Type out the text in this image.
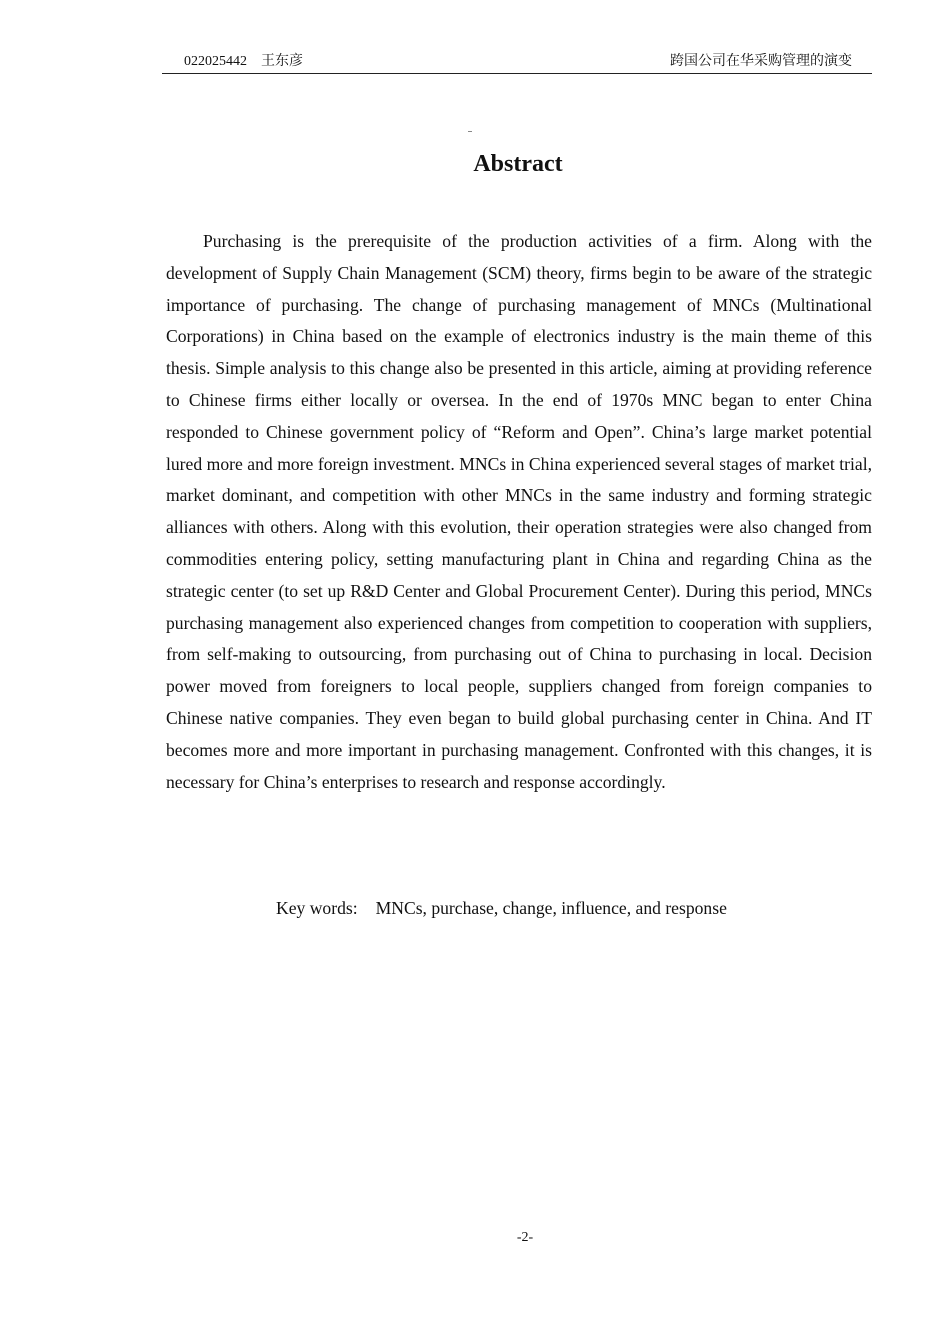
022025442 王东彦	跨国公司在华采购管理的演变
Abstract

Purchasing is the prerequisite of the production activities of a firm. Along with the development of Supply Chain Management (SCM) theory, firms begin to be aware of the strategic importance of purchasing. The change of purchasing management of MNCs (Multinational Corporations) in China based on the example of electronics industry is the main theme of this thesis. Simple analysis to this change also be presented in this article, aiming at providing reference to Chinese firms either locally or oversea. In the end of 1970s MNC began to enter China responded to Chinese government policy of “Reform and Open”. China’s large market potential lured more and more foreign investment. MNCs in China experienced several stages of market trial, market dominant, and competition with other MNCs in the same industry and forming strategic alliances with others. Along with this evolution, their operation strategies were also changed from commodities entering policy, setting manufacturing plant in China and regarding China as the strategic center (to set up R&D Center and Global Procurement Center). During this period, MNCs purchasing management also experienced changes from competition to cooperation with suppliers, from self-making to outsourcing, from purchasing out of China to purchasing in local. Decision power moved from foreigners to local people, suppliers changed from foreign companies to Chinese native companies. They even began to build global purchasing center in China. And IT becomes more and more important in purchasing management. Confronted with this changes, it is necessary for China’s enterprises to research and response accordingly.

Key words: MNCs, purchase, change, influence, and response
-2-
